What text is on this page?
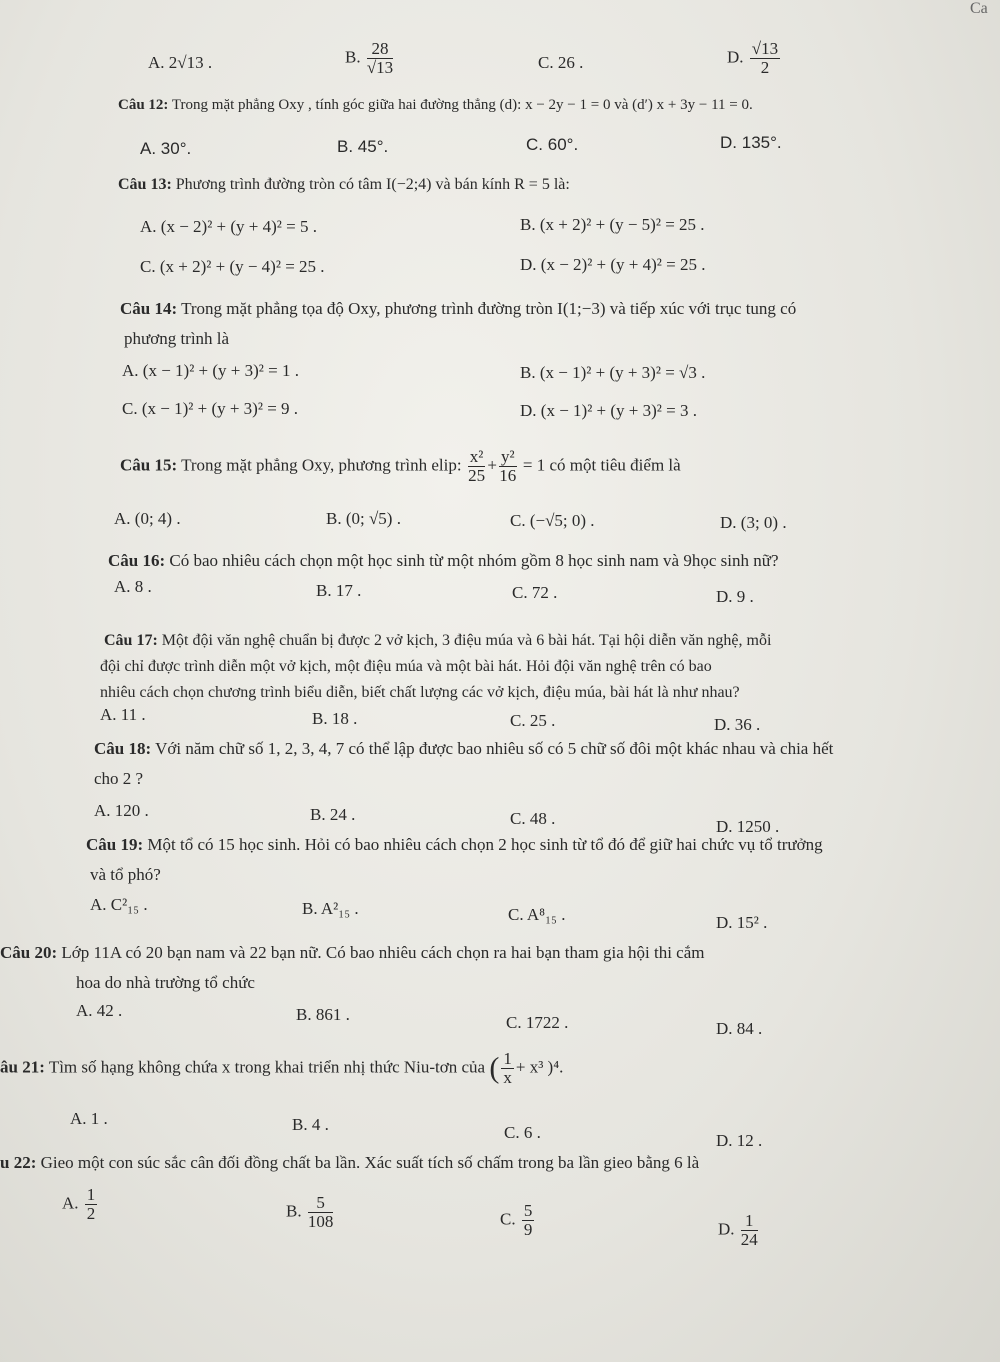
Ca
A. 2√13 .	B. $\frac{28}{√13}$	C. 26 .	D. $\frac{√13}{2}$
Câu 12: Trong mặt phẳng Oxy , tính góc giữa hai đường thẳng (d): x − 2y − 1 = 0 và (d′) x + 3y − 11 = 0.
A. 30°.	B. 45°.	C. 60°.	D. 135°.
Câu 13: Phương trình đường tròn có tâm I(−2;4) và bán kính R = 5 là:
A. (x − 2)² + (y + 4)² = 5 .	B. (x + 2)² + (y − 5)² = 25 .
C. (x + 2)² + (y − 4)² = 25 .	D. (x − 2)² + (y + 4)² = 25 .
Câu 14: Trong mặt phẳng tọa độ Oxy, phương trình đường tròn I(1;−3) và tiếp xúc với trục tung có
phương trình là
A. (x − 1)² + (y + 3)² = 1 .	B. (x − 1)² + (y + 3)² = √3 .
C. (x − 1)² + (y + 3)² = 9 .	D. (x − 1)² + (y + 3)² = 3 .
Câu 15: Trong mặt phẳng Oxy, phương trình elip: $\frac{\text{x²}}{25} + \frac{\text{y²}}{16} = 1$ có một tiêu điểm là
A. (0; 4) .	B. (0; √5) .	C. (−√5; 0) .	D. (3; 0) .
Câu 16: Có bao nhiêu cách chọn một học sinh từ một nhóm gồm 8 học sinh nam và 9học sinh nữ?
A. 8 .	B. 17 .	C. 72 .	D. 9 .
Câu 17: Một đội văn nghệ chuẩn bị được 2 vở kịch, 3 điệu múa và 6 bài hát. Tại hội diễn văn nghệ, mỗi
đội chỉ được trình diễn một vở kịch, một điệu múa và một bài hát. Hỏi đội văn nghệ trên có bao
nhiêu cách chọn chương trình biểu diễn, biết chất lượng các vở kịch, điệu múa, bài hát là như nhau?
A. 11 .	B. 18 .	C. 25 .	D. 36 .
Câu 18: Với năm chữ số 1, 2, 3, 4, 7 có thể lập được bao nhiêu số có 5 chữ số đôi một khác nhau và chia hết
cho 2 ?
A. 120 .	B. 24 .	C. 48 .	D. 1250 .
Câu 19: Một tổ có 15 học sinh. Hỏi có bao nhiêu cách chọn 2 học sinh từ tổ đó để giữ hai chức vụ tổ trưởng
và tổ phó?
A. C²₁₅ .	B. A²₁₅ .	C. A⁸₁₅ .	D. 15² .
Câu 20: Lớp 11A có 20 bạn nam và 22 bạn nữ. Có bao nhiêu cách chọn ra hai bạn tham gia hội thi cắm
hoa do nhà trường tổ chức
A. 42 .	B. 861 .	C. 1722 .	D. 84 .
âu 21: Tìm số hạng không chứa x trong khai triển nhị thức Niu-tơn của ( $\frac{1}{x} + x^3$ )⁴.
A. 1 .	B. 4 .	C. 6 .	D. 12 .
u 22: Gieo một con súc sắc cân đối đồng chất ba lần. Xác suất tích số chấm trong ba lần gieo bằng 6 là
A. $\frac{1}{2}$	B. $\frac{5}{108}$	C. $\frac{5}{9}$	D. $\frac{1}{24}$
